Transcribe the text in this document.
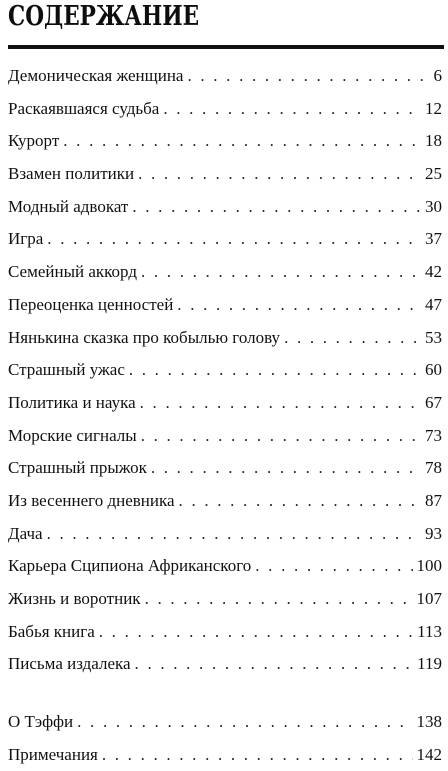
СОДЕРЖАНИЕ
Демоническая женщина . . .	6
Раскаявшаяся судьба . . .	12
Курорт . . .	18
Взамен политики . . .	25
Модный адвокат . . .	30
Игра . . .	37
Семейный аккорд . . .	42
Переоценка ценностей . . .	47
Нянькина сказка про кобылью голову . . .	53
Страшный ужас . . .	60
Политика и наука . . .	67
Морские сигналы . . .	73
Страшный прыжок . . .	78
Из весеннего дневника . . .	87
Дача . . .	93
Карьера Сципиона Африканского . . .	100
Жизнь и воротник . . .	107
Бабья книга . . .	113
Письма издалека . . .	119
О Тэффи . . .	138
Примечания . . .	142
